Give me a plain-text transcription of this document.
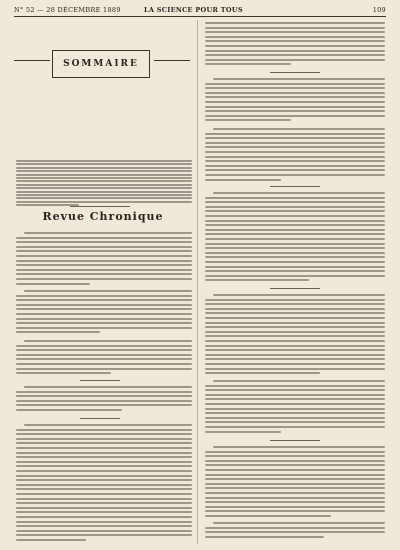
N° 52 — 28 DÉCEMBRE 1889	LA SCIENCE POUR TOUS	109
SOMMAIRE
Revue Chronique
